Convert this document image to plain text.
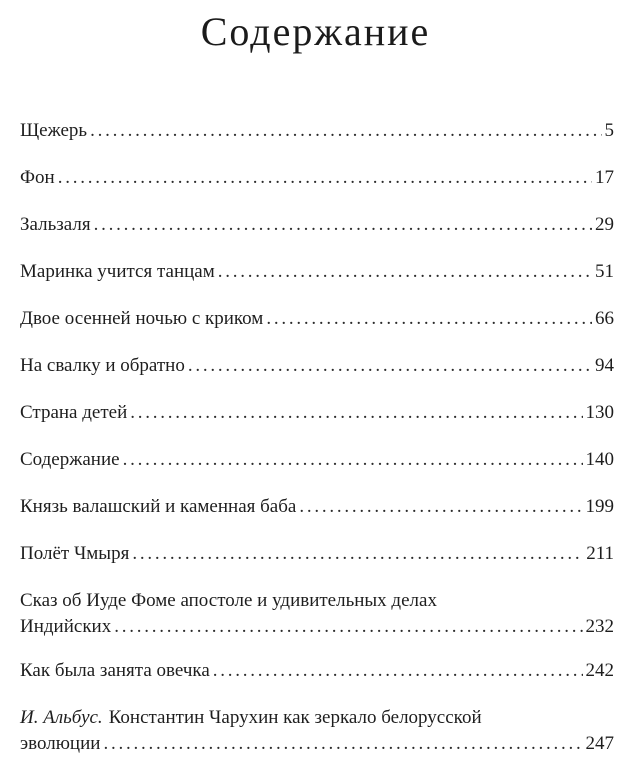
Содержание
Щежерь . . .	5
Фон . . .	17
Зальзаля . . .	29
Маринка учится танцам . . .	51
Двое осенней ночью с криком . . .	66
На свалку и обратно . . .	94
Страна детей . . .	130
Содержание . . .	140
Князь валашский и каменная баба . . .	199
Полёт Чмыря . . .	211
Сказ об Иуде Фоме апостоле и удивительных делах
Индийских . . .	232
Как была занята овечка . . .	242
И. Альбус. Константин Чарухин как зеркало белорусской
эволюции . . .	247
